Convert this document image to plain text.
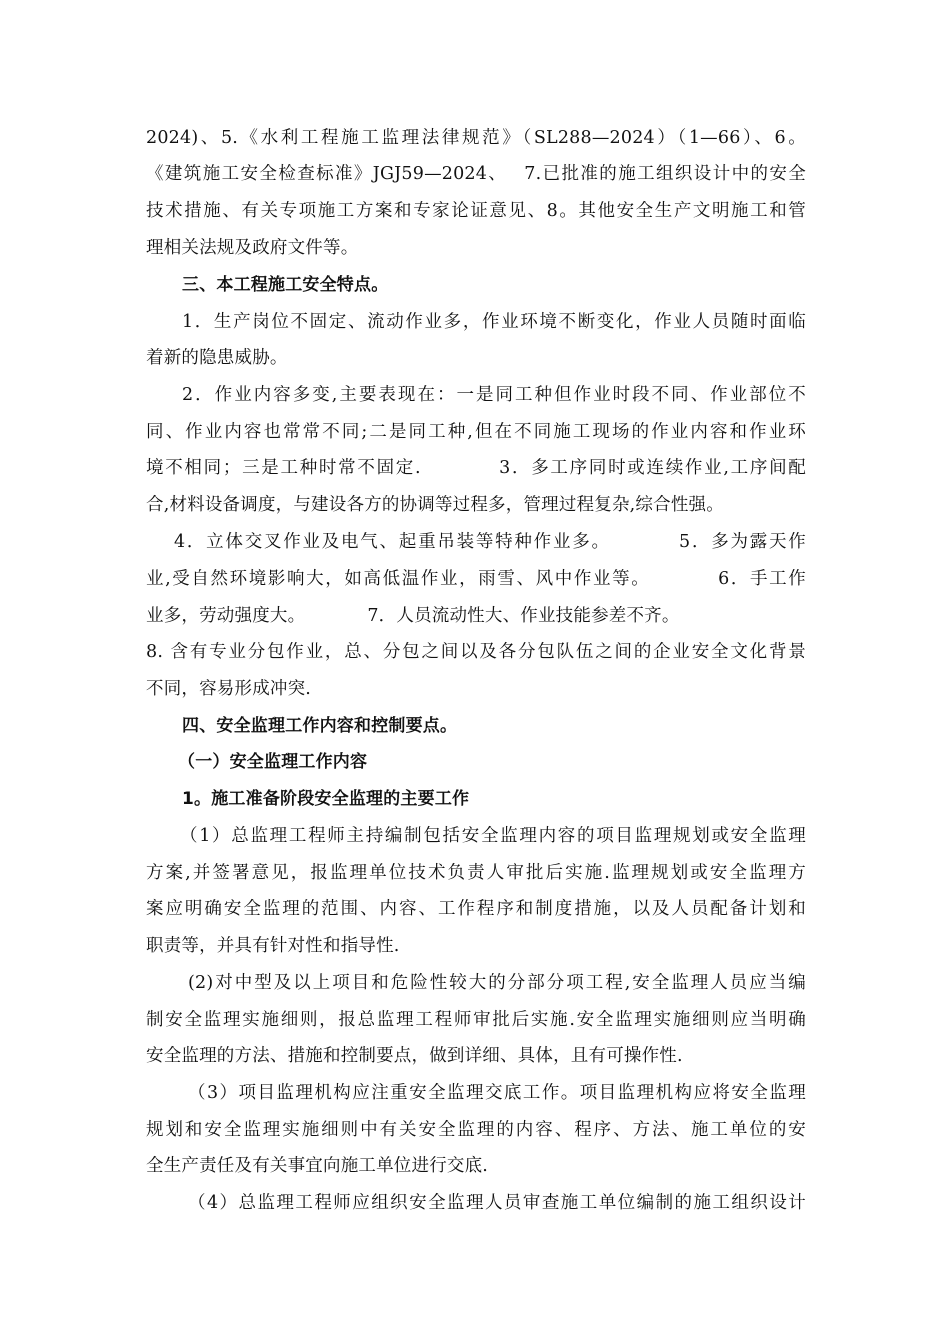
2024)、5.《水利工程施工监理法律规范》（SL288—2024）（1—66）、6。
《建筑施工安全检查标准》JGJ59—2024、　 7.已批准的施工组织设计中的安全
技术措施、有关专项施工方案和专家论证意见、8。其他安全生产文明施工和管
理相关法规及政府文件等。
三、本工程施工安全特点。
1．生产岗位不固定、流动作业多，作业环境不断变化，作业人员随时面临
着新的隐患威胁。
2．作业内容多变,主要表现在：一是同工种但作业时段不同、作业部位不
同、作业内容也常常不同;二是同工种,但在不同施工现场的作业内容和作业环
境不相同；三是工种时常不固定.　　　　3．多工序同时或连续作业,工序间配
合,材料设备调度，与建设各方的协调等过程多，管理过程复杂,综合性强。
4．立体交叉作业及电气、起重吊装等特种作业多。　　　　5．多为露天作
业,受自然环境影响大，如高低温作业，雨雪、风中作业等。　　　　6．手工作
业多，劳动强度大。　　　　7．人员流动性大、作业技能参差不齐。
8. 含有专业分包作业，总、分包之间以及各分包队伍之间的企业安全文化背景
不同，容易形成冲突.
四、安全监理工作内容和控制要点。
（一）安全监理工作内容
1。施工准备阶段安全监理的主要工作
（1）总监理工程师主持编制包括安全监理内容的项目监理规划或安全监理
方案,并签署意见，报监理单位技术负责人审批后实施.监理规划或安全监理方
案应明确安全监理的范围、内容、工作程序和制度措施，以及人员配备计划和
职责等，并具有针对性和指导性.
(2)对中型及以上项目和危险性较大的分部分项工程,安全监理人员应当编
制安全监理实施细则，报总监理工程师审批后实施.安全监理实施细则应当明确
安全监理的方法、措施和控制要点，做到详细、具体，且有可操作性.
（3）项目监理机构应注重安全监理交底工作。项目监理机构应将安全监理
规划和安全监理实施细则中有关安全监理的内容、程序、方法、施工单位的安
全生产责任及有关事宜向施工单位进行交底.
（4）总监理工程师应组织安全监理人员审查施工单位编制的施工组织设计
